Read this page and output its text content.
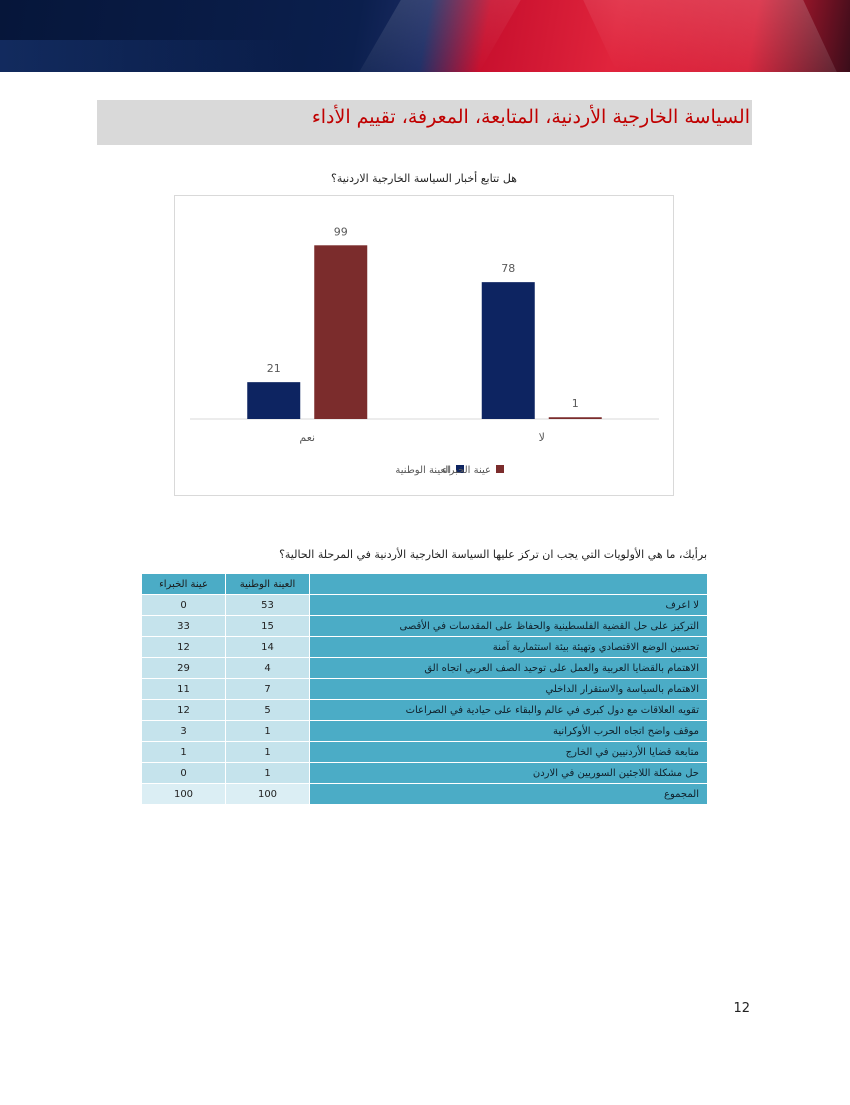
السياسة الخارجية الأردنية، المتابعة، المعرفة، تقييم الأداء
هل تتابع أخبار السياسة الخارجية الاردنية؟
21
99
نعم
78
1
لا
العينة الوطنية
عينة الخبراء
برأيك، ما هي الأولويات التي يجب ان تركز عليها السياسة الخارجية الأردنية في المرحلة الحالية؟
عينة الخبراء	العينة الوطنية	
0	53	لا اعرف
33	15	التركيز على حل القضية الفلسطينية والحفاظ على المقدسات في الأقصى
12	14	تحسين الوضع الاقتصادي وتهيئة بيئة استثمارية آمنة
29	4	الاهتمام بالقضايا العربية والعمل على توحيد الصف العربي اتجاه الق
11	7	الاهتمام بالسياسة والاستقرار الداخلي
12	5	تقويه العلاقات مع دول كبرى في عالم والبقاء على حيادية في الصراعات
3	1	موقف واضح اتجاه الحرب الأوكرانية
1	1	متابعة قضايا الأردنيين في الخارج
0	1	حل مشكلة اللاجئين السوريين في الاردن
100	100	المجموع
12
